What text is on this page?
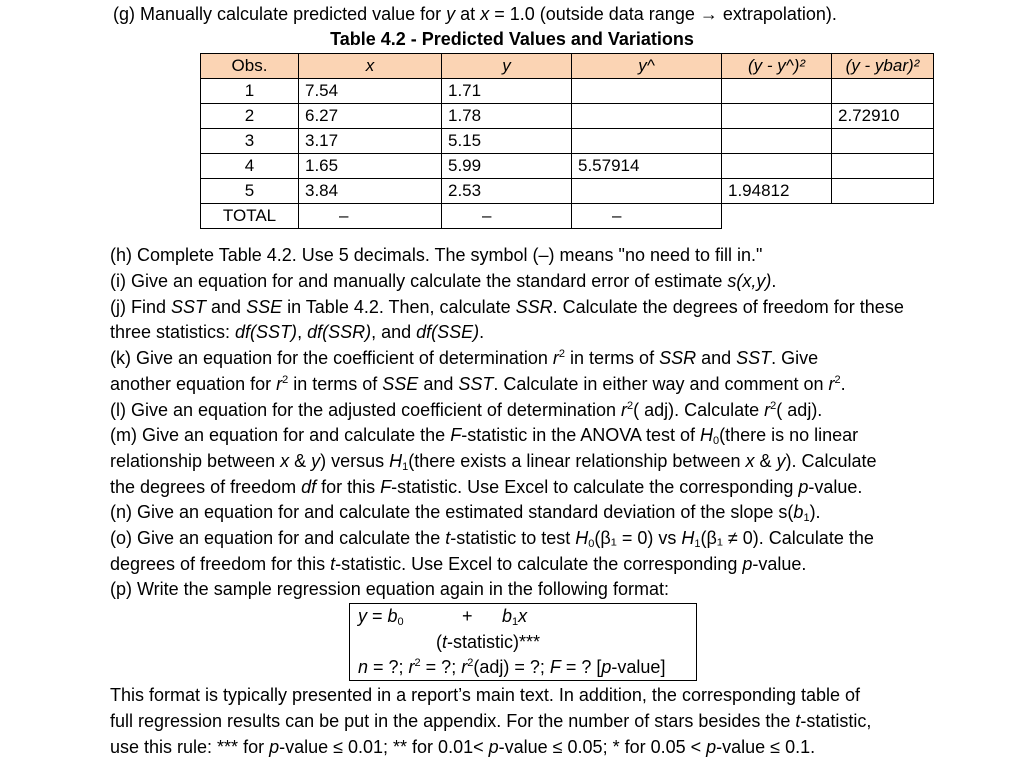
(g) Manually calculate predicted value for y at x = 1.0 (outside data range → extrapolation).
Table 4.2 - Predicted Values and Variations
Obs.	x	y	y^	(y - y^)²	(y - ybar)²
1	7.54	1.71			
2	6.27	1.78			2.72910
3	3.17	5.15			
4	1.65	5.99	5.57914		
5	3.84	2.53		1.94812	
TOTAL	–	–	–		
(h) Complete Table 4.2. Use 5 decimals. The symbol (–) means "no need to fill in."
(i) Give an equation for and manually calculate the standard error of estimate s(x,y).
(j) Find SST and SSE in Table 4.2. Then, calculate SSR. Calculate the degrees of freedom for these
three statistics: df(SST), df(SSR), and df(SSE).
(k) Give an equation for the coefficient of determination $r^2$ in terms of SSR and SST. Give
another equation for $r^2$ in terms of SSE and SST. Calculate in either way and comment on $r^2$.
(l) Give an equation for the adjusted coefficient of determination $r^2$( adj). Calculate $r^2$( adj).
(m) Give an equation for and calculate the F-statistic in the ANOVA test of $H_0(there$ is no linear
relationship between x & y) versus $H_1(there$ exists a linear relationship between x & y). Calculate
the degrees of freedom df for this F-statistic. Use Excel to calculate the corresponding p-value.
(n) Give an equation for and calculate the estimated standard deviation of the slope $s(b_1)$.
(o) Give an equation for and calculate the t-statistic to test $H_0(\beta_1 = 0)$ vs $H_1(\beta_1 \ne 0)$. Calculate the
degrees of freedom for this t-statistic. Use Excel to calculate the corresponding p-value.
(p) Write the sample regression equation again in the following format:
$y = b_0$	+ $b_1x$
(t-statistic)***
n = ?; $r^2$ = ?; $r^2(adj)$ = ?; F = ? [p-value]
This format is typically presented in a report’s main text. In addition, the corresponding table of
full regression results can be put in the appendix. For the number of stars besides the t-statistic,
use this rule: *** for p-value ≤ 0.01; ** for 0.01< p-value ≤ 0.05; * for 0.05 < p-value ≤ 0.1.
